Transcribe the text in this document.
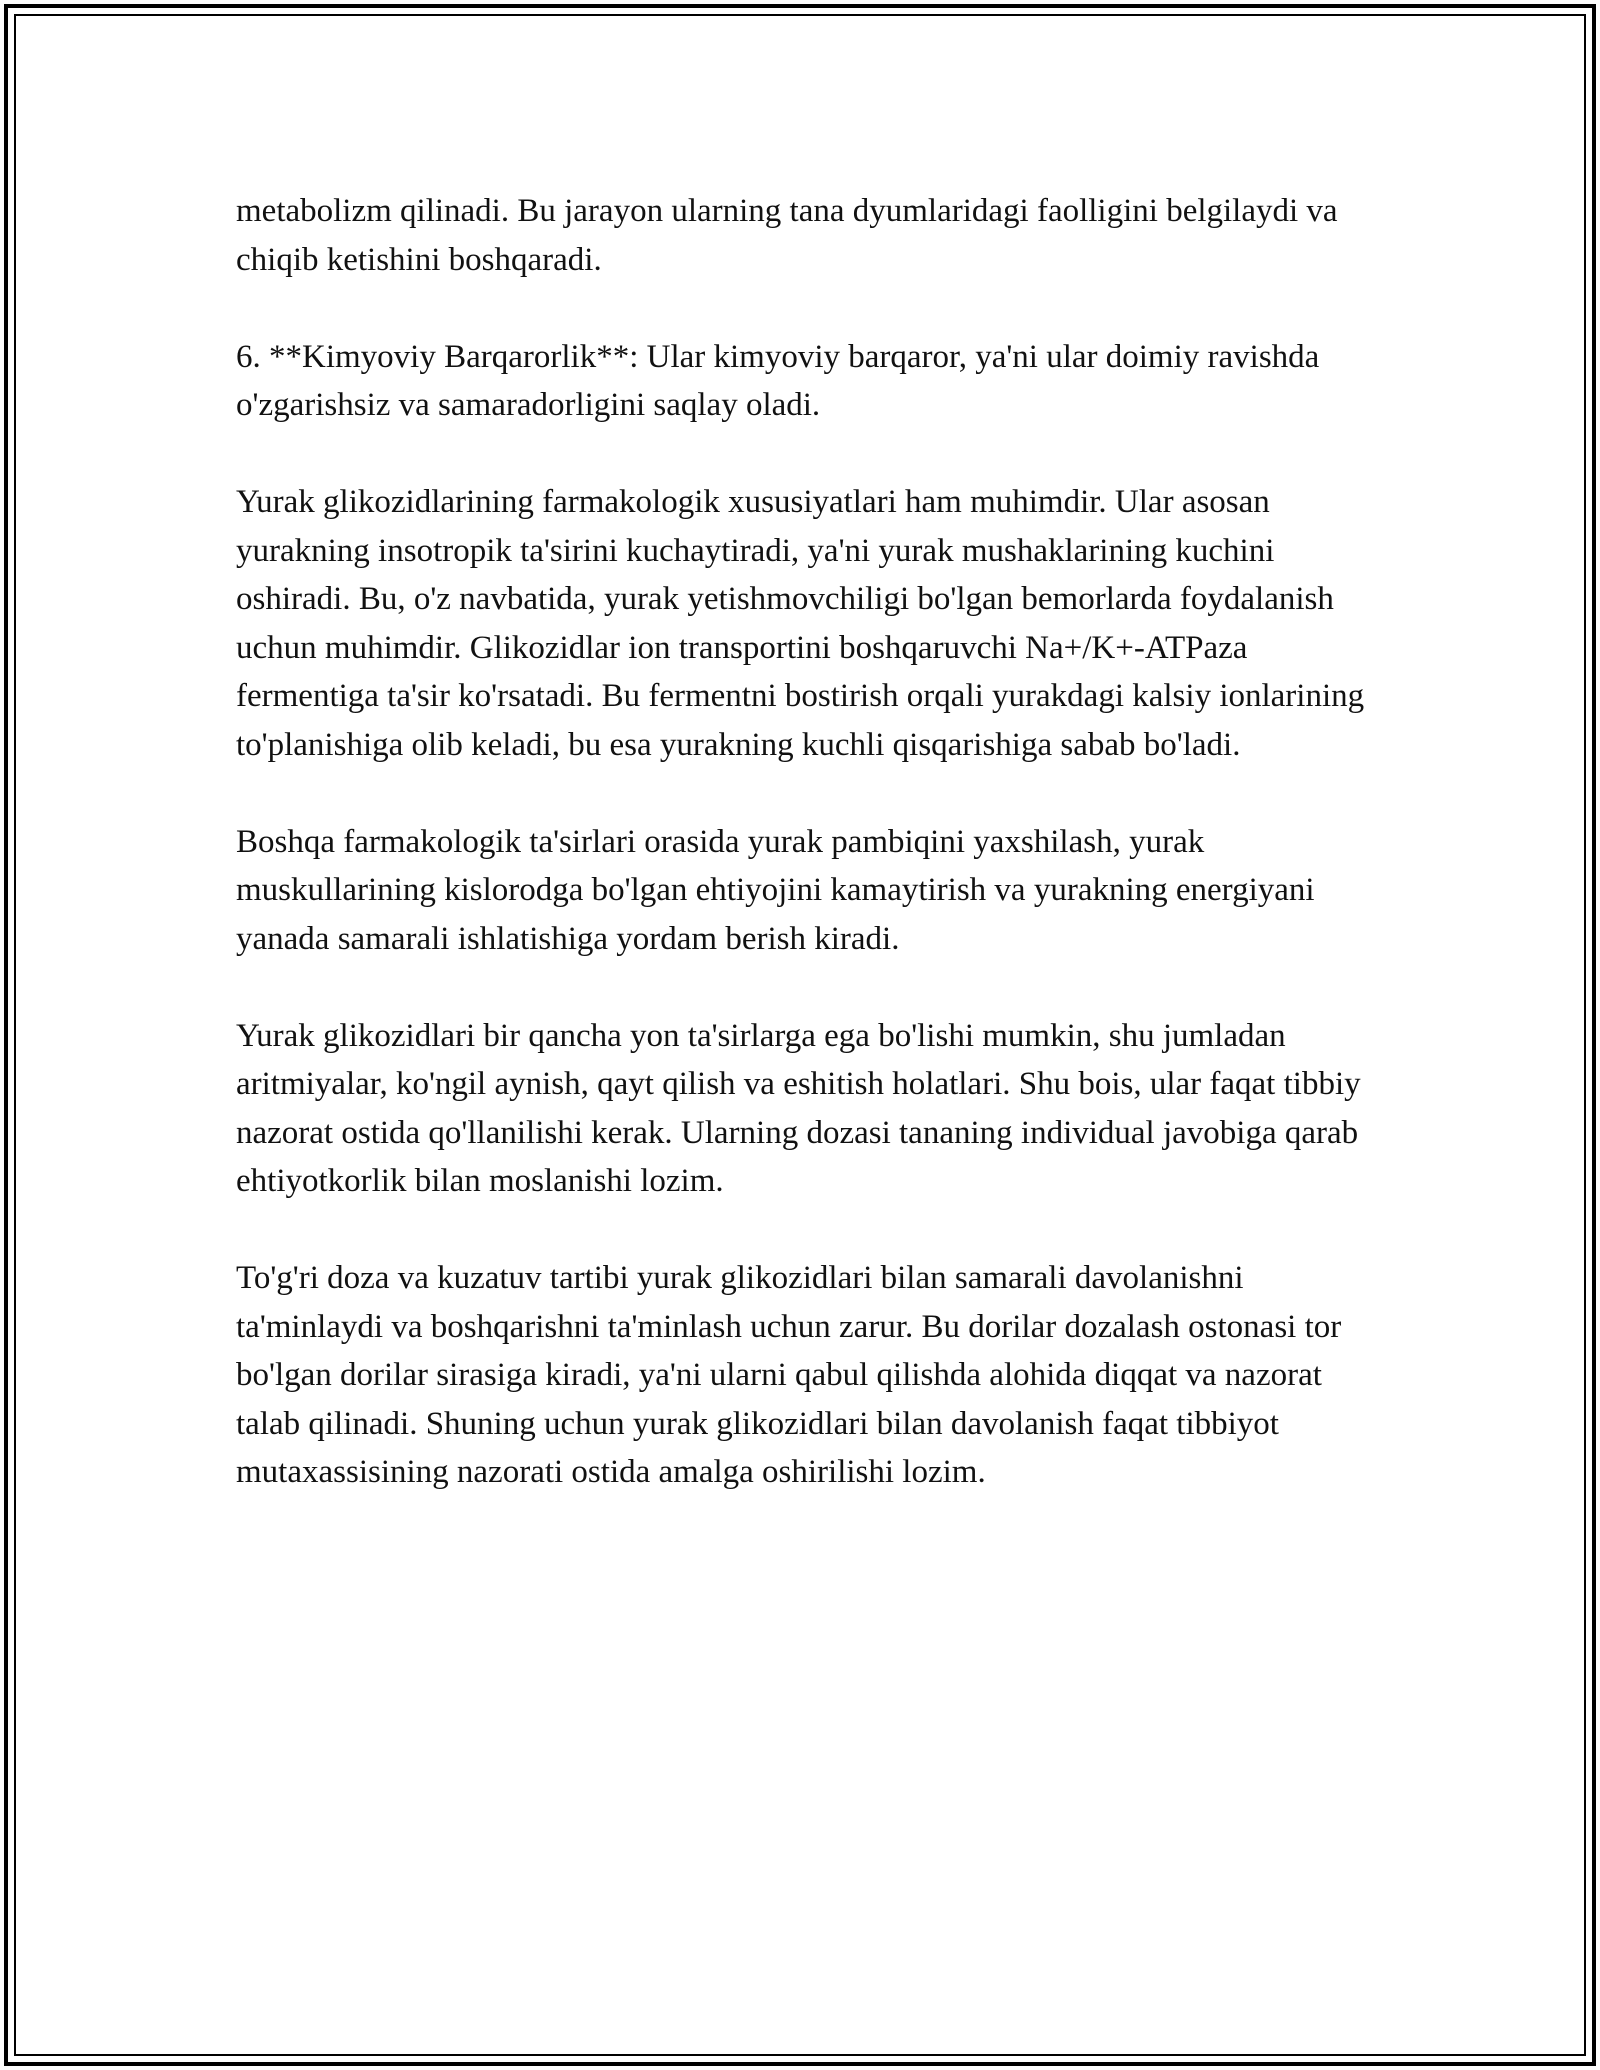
metabolizm qilinadi. Bu jarayon ularning tana dyumlaridagi faolligini belgilaydi va chiqib ketishini boshqaradi.

6. **Kimyoviy Barqarorlik**: Ular kimyoviy barqaror, ya'ni ular doimiy ravishda o'zgarishsiz va samaradorligini saqlay oladi.

Yurak glikozidlarining farmakologik xususiyatlari ham muhimdir. Ular asosan yurakning insotropik ta'sirini kuchaytiradi, ya'ni yurak mushaklarining kuchini oshiradi. Bu, o'z navbatida, yurak yetishmovchiligi bo'lgan bemorlarda foydalanish uchun muhimdir. Glikozidlar ion transportini boshqaruvchi Na+/K+-ATPaza fermentiga ta'sir ko'rsatadi. Bu fermentni bostirish orqali yurakdagi kalsiy ionlarining to'planishiga olib keladi, bu esa yurakning kuchli qisqarishiga sabab bo'ladi.

Boshqa farmakologik ta'sirlari orasida yurak pambiqini yaxshilash, yurak muskullarining kislorodga bo'lgan ehtiyojini kamaytirish va yurakning energiyani yanada samarali ishlatishiga yordam berish kiradi.

Yurak glikozidlari bir qancha yon ta'sirlarga ega bo'lishi mumkin, shu jumladan aritmiyalar, ko'ngil aynish, qayt qilish va eshitish holatlari. Shu bois, ular faqat tibbiy nazorat ostida qo'llanilishi kerak. Ularning dozasi tananing individual javobiga qarab ehtiyotkorlik bilan moslanishi lozim.

To'g'ri doza va kuzatuv tartibi yurak glikozidlari bilan samarali davolanishni ta'minlaydi va boshqarishni ta'minlash uchun zarur. Bu dorilar dozalash ostonasi tor bo'lgan dorilar sirasiga kiradi, ya'ni ularni qabul qilishda alohida diqqat va nazorat talab qilinadi. Shuning uchun yurak glikozidlari bilan davolanish faqat tibbiyot mutaxassisining nazorati ostida amalga oshirilishi lozim.
